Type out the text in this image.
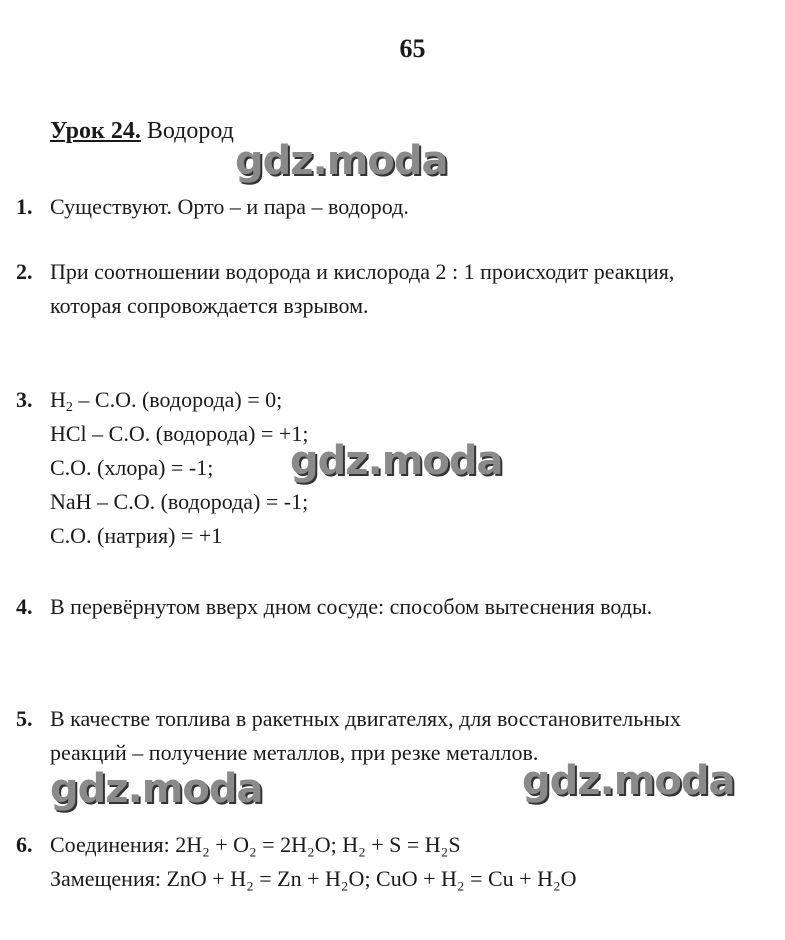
65
Урок 24. Водород
1. Существуют. Орто – и пара – водород.
2. При соотношении водорода и кислорода 2 : 1 происходит реакция,
которая сопровождается взрывом.
3. $H_2 - С.О$. (водорода) = 0;
HCl – С.О. (водорода) = +1;
С.О. (хлора) = -1;
NaH – С.О. (водорода) = -1;
С.О. (натрия) = +1
4. В перевёрнутом вверх дном сосуде: способом вытеснения воды.
5. В качестве топлива в ракетных двигателях, для восстановительных
реакций – получение металлов, при резке металлов.
6. Соединения: 2H₂ + O₂ = 2H₂O; H₂ + S = H₂S
Замещения: ZnO + H₂ = Zn + H₂O; CuO + H₂ = Cu + H₂O
gdz.moda
gdz.moda
gdz.moda	gdz.moda
